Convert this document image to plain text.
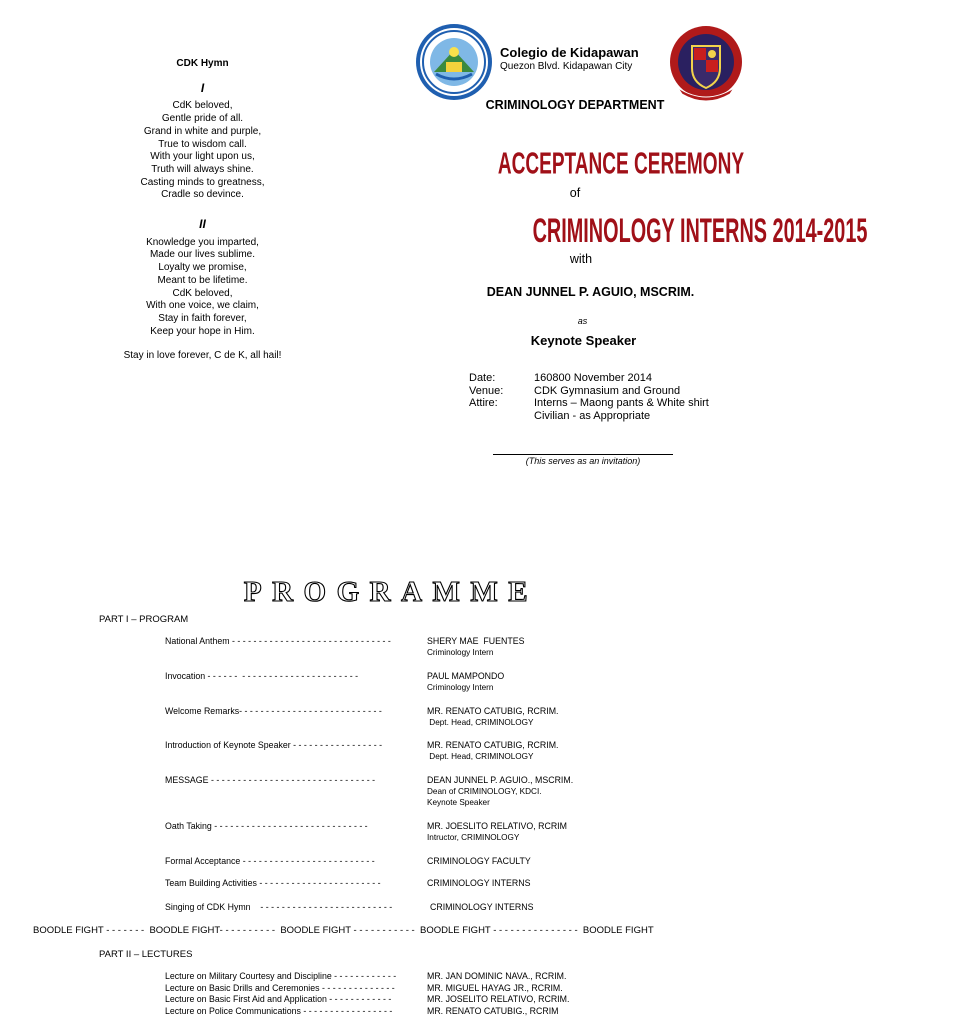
CDK Hymn
I
CdK beloved,
Gentle pride of all.
Grand in white and purple,
True to wisdom call.
With your light upon us,
Truth will always shine.
Casting minds to greatness,
Cradle so devince.
II
Knowledge you imparted,
Made our lives sublime.
Loyalty we promise,
Meant to be lifetime.
CdK beloved,
With one voice, we claim,
Stay in faith forever,
Keep your hope in Him.
Stay in love forever, C de K, all hail!
Colegio de Kidapawan
Quezon Blvd. Kidapawan City
CRIMINOLOGY DEPARTMENT
ACCEPTANCE CEREMONY
of
CRIMINOLOGY INTERNS 2014-2015
with
DEAN JUNNEL P. AGUIO, MSCRIM.
as
Keynote Speaker
Date:	160800 November 2014
Venue:	CDK Gymnasium and Ground
Attire:	Interns – Maong pants & White shirt
Civilian - as Appropriate
(This serves as an invitation)
PROGRAMME
PART I – PROGRAM
National Anthem - - - - - - - - - - - - - - - - - - - - - - - - - - - - - -	SHERY MAE  FUENTES
Criminology Intern
Invocation - - - - - -  - - - - - - - - - - - - - - - - - - - - - -	PAUL MAMPONDO
Criminology Intern
Welcome Remarks- - - - - - - - - - - - - - - - - - - - - - - - - - -	MR. RENATO CATUBIG, RCRIM.
Dept. Head, CRIMINOLOGY
Introduction of Keynote Speaker - - - - - - - - - - - - - - - - -	MR. RENATO CATUBIG, RCRIM.
Dept. Head, CRIMINOLOGY
MESSAGE - - - - - - - - - - - - - - - - - - - - - - - - - - - - - - -	DEAN JUNNEL P. AGUIO., MSCRIM.
Dean of CRIMINOLOGY, KDCI.
Keynote Speaker
Oath Taking - - - - - - - - - - - - - - - - - - - - - - - - - - - - -	MR. JOESLITO RELATIVO, RCRIM
Intructor, CRIMINOLOGY
Formal Acceptance - - - - - - - - - - - - - - - - - - - - - - - - -	CRIMINOLOGY FACULTY
Team Building Activities - - - - - - - - - - - - - - - - - - - - - - -	CRIMINOLOGY INTERNS
Singing of CDK Hymn    - - - - - - - - - - - - - - - - - - - - - - - - -	CRIMINOLOGY INTERNS
BOODLE FIGHT - - - - - - -  BOODLE FIGHT- - - - - - - - - -  BOODLE FIGHT - - - - - - - - - - -  BOODLE FIGHT - - - - - - - - - - - - - - -  BOODLE FIGHT
PART II – LECTURES
Lecture on Military Courtesy and Discipline - - - - - - - - - - - -	MR. JAN DOMINIC NAVA., RCRIM.
Lecture on Basic Drills and Ceremonies - - - - - - - - - - - - - -	MR. MIGUEL HAYAG JR., RCRIM.
Lecture on Basic First Aid and Application - - - - - - - - - - - -	MR. JOSELITO RELATIVO, RCRIM.
Lecture on Police Communications - - - - - - - - - - - - - - - - -	MR. RENATO CATUBIG., RCRIM
